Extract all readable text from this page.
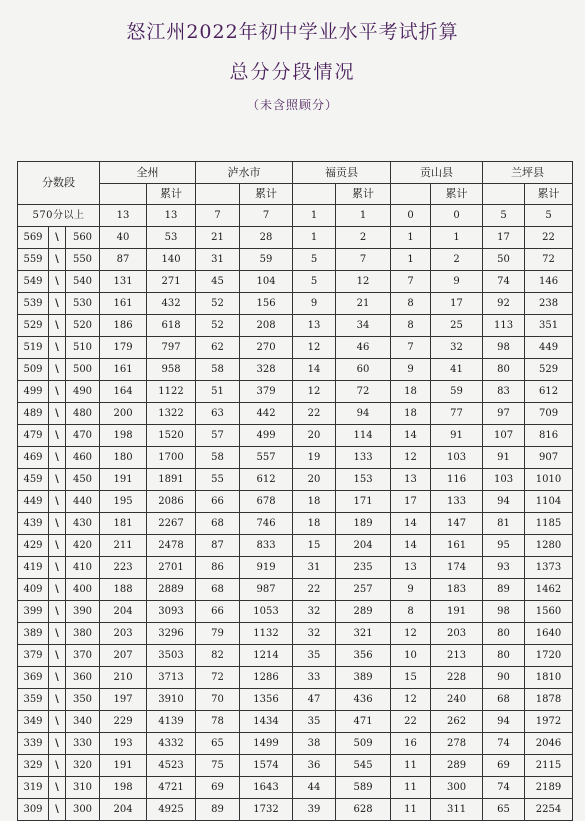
怒江州2022年初中学业水平考试折算
总分分段情况
（未含照顾分）
分数段			全州		泸水市		福贡县		贡山县		兰坪县	
				累计		累计		累计		累计		累计
570分以上			13	13	7	7	1	1	0	0	5	5
569	\	560	40	53	21	28	1	2	1	1	17	22
559	\	550	87	140	31	59	5	7	1	2	50	72
549	\	540	131	271	45	104	5	12	7	9	74	146
539	\	530	161	432	52	156	9	21	8	17	92	238
529	\	520	186	618	52	208	13	34	8	25	113	351
519	\	510	179	797	62	270	12	46	7	32	98	449
509	\	500	161	958	58	328	14	60	9	41	80	529
499	\	490	164	1122	51	379	12	72	18	59	83	612
489	\	480	200	1322	63	442	22	94	18	77	97	709
479	\	470	198	1520	57	499	20	114	14	91	107	816
469	\	460	180	1700	58	557	19	133	12	103	91	907
459	\	450	191	1891	55	612	20	153	13	116	103	1010
449	\	440	195	2086	66	678	18	171	17	133	94	1104
439	\	430	181	2267	68	746	18	189	14	147	81	1185
429	\	420	211	2478	87	833	15	204	14	161	95	1280
419	\	410	223	2701	86	919	31	235	13	174	93	1373
409	\	400	188	2889	68	987	22	257	9	183	89	1462
399	\	390	204	3093	66	1053	32	289	8	191	98	1560
389	\	380	203	3296	79	1132	32	321	12	203	80	1640
379	\	370	207	3503	82	1214	35	356	10	213	80	1720
369	\	360	210	3713	72	1286	33	389	15	228	90	1810
359	\	350	197	3910	70	1356	47	436	12	240	68	1878
349	\	340	229	4139	78	1434	35	471	22	262	94	1972
339	\	330	193	4332	65	1499	38	509	16	278	74	2046
329	\	320	191	4523	75	1574	36	545	11	289	69	2115
319	\	310	198	4721	69	1643	44	589	11	300	74	2189
309	\	300	204	4925	89	1732	39	628	11	311	65	2254
